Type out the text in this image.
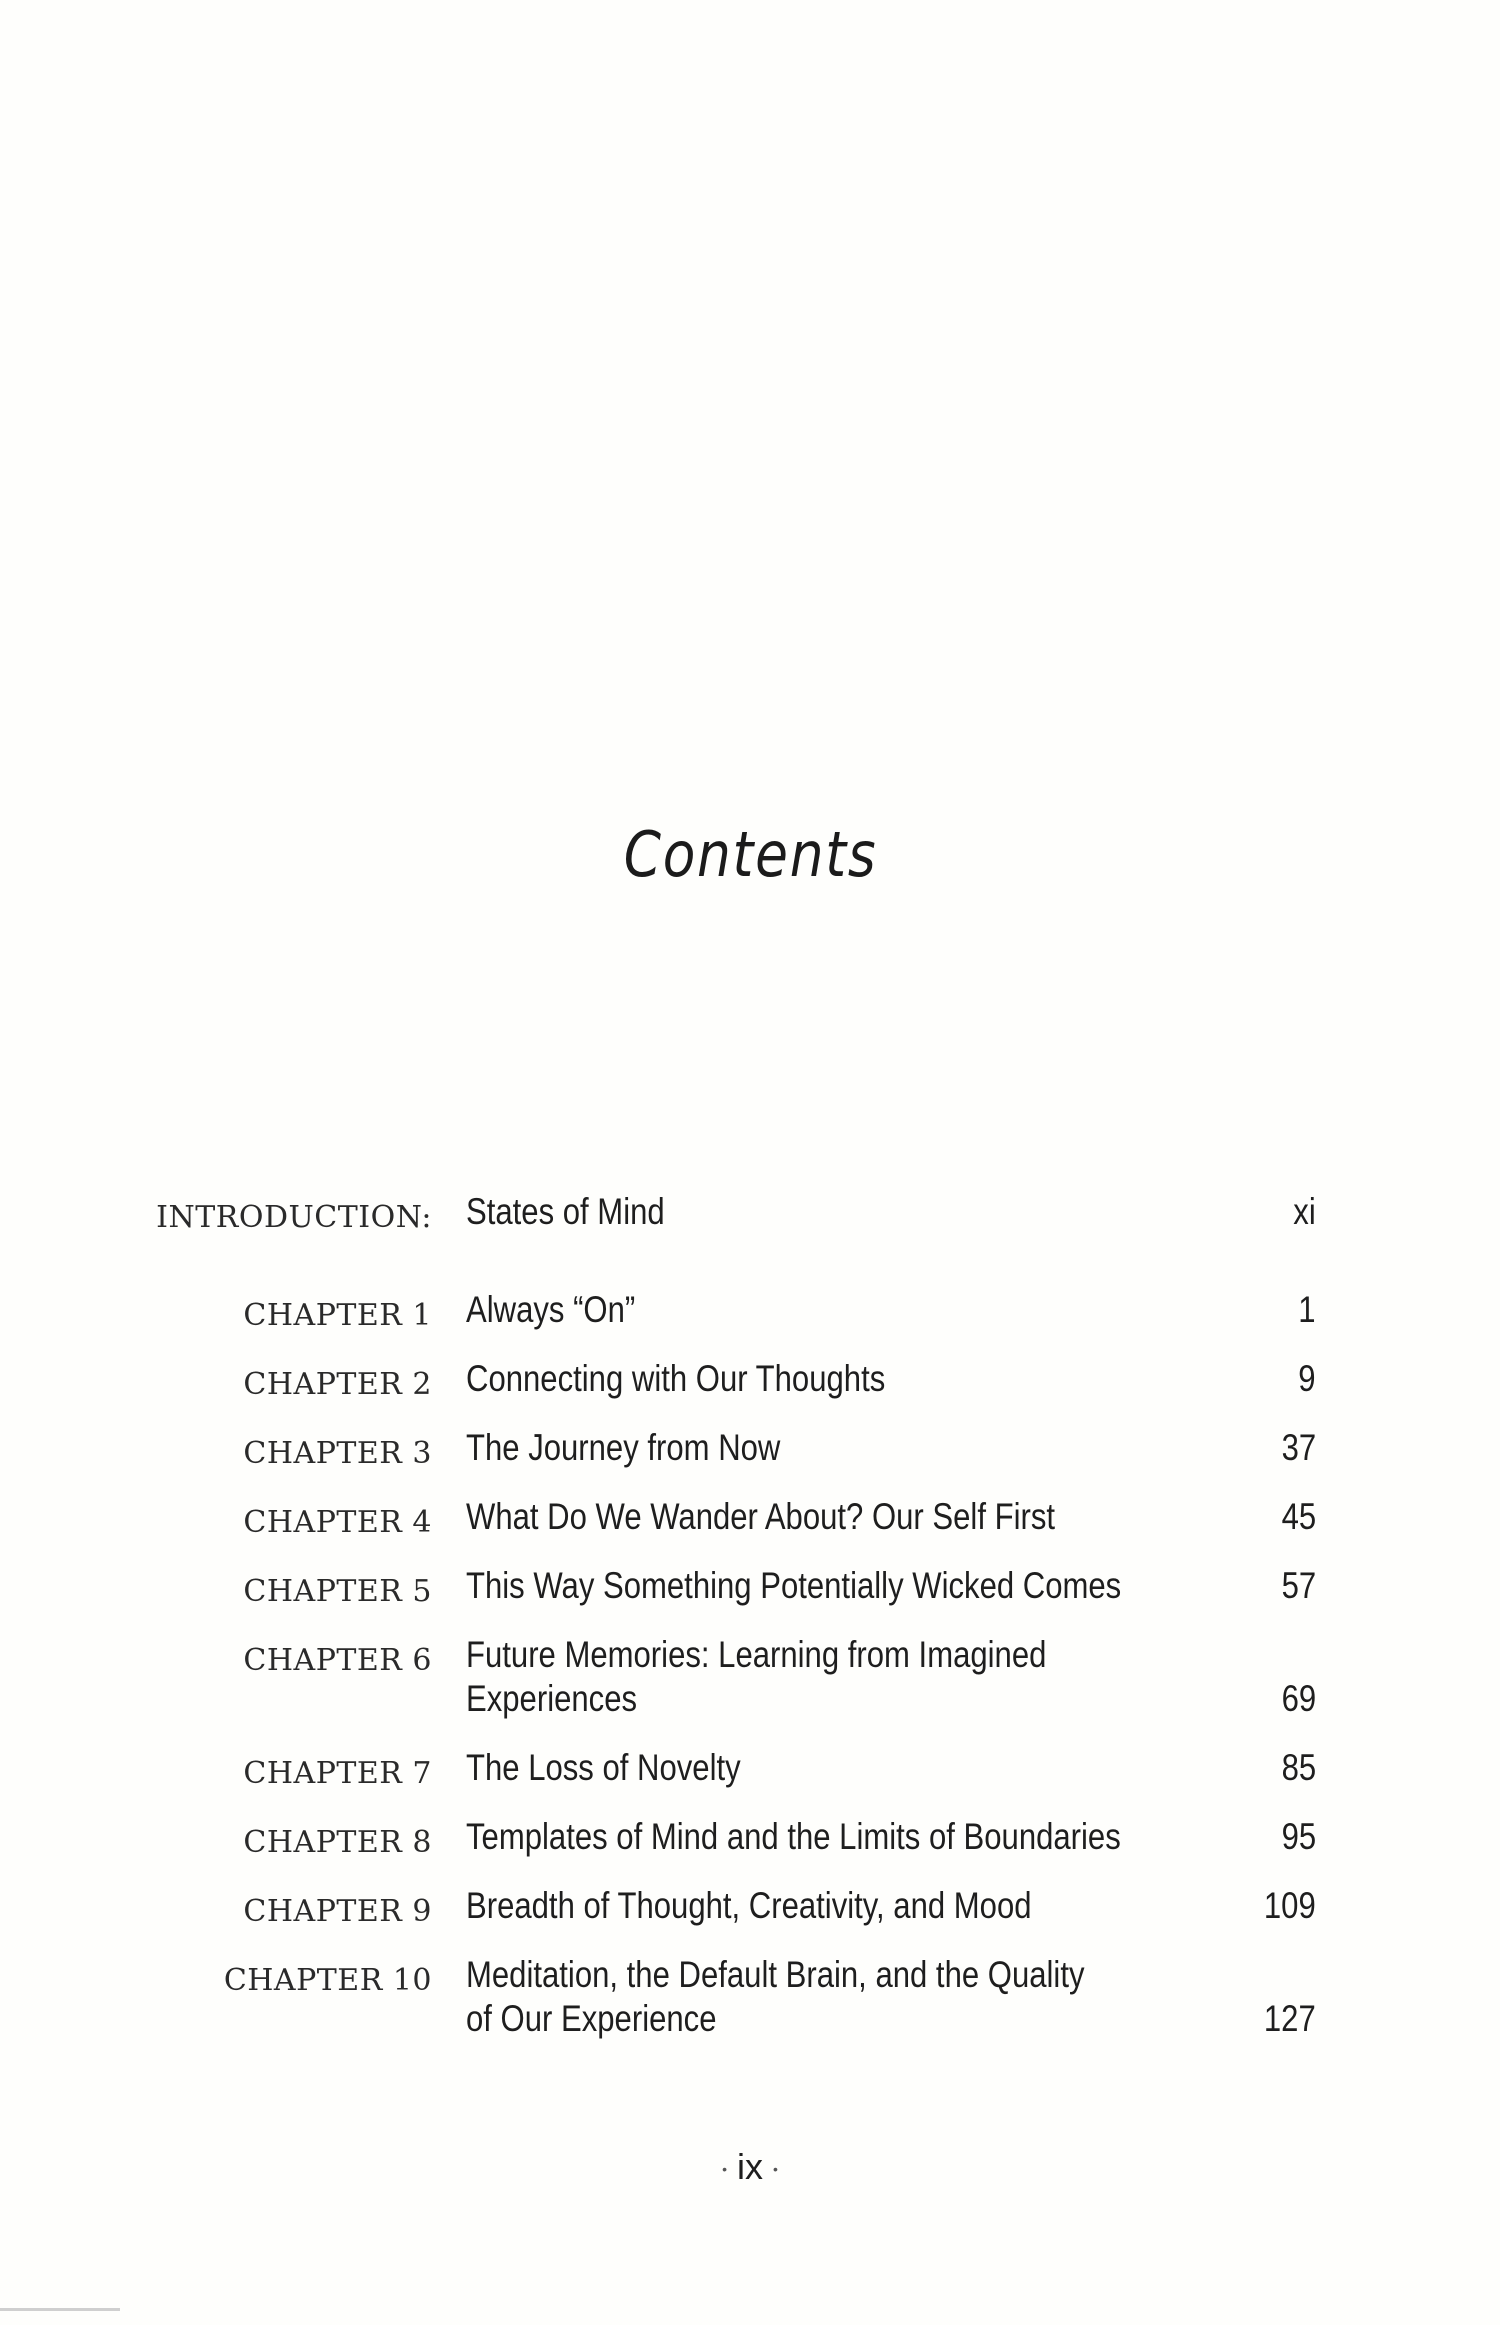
Contents
INTRODUCTION: States of Mind	xi
CHAPTER 1 Always “On”	1
CHAPTER 2 Connecting with Our Thoughts	9
CHAPTER 3 The Journey from Now	37
CHAPTER 4 What Do We Wander About? Our Self First	45
CHAPTER 5 This Way Something Potentially Wicked Comes	57
CHAPTER 6 Future Memories: Learning from Imagined
Experiences	69
CHAPTER 7 The Loss of Novelty	85
CHAPTER 8 Templates of Mind and the Limits of Boundaries	95
CHAPTER 9 Breadth of Thought, Creativity, and Mood	109
CHAPTER 10 Meditation, the Default Brain, and the Quality
of Our Experience	127
• ix •
